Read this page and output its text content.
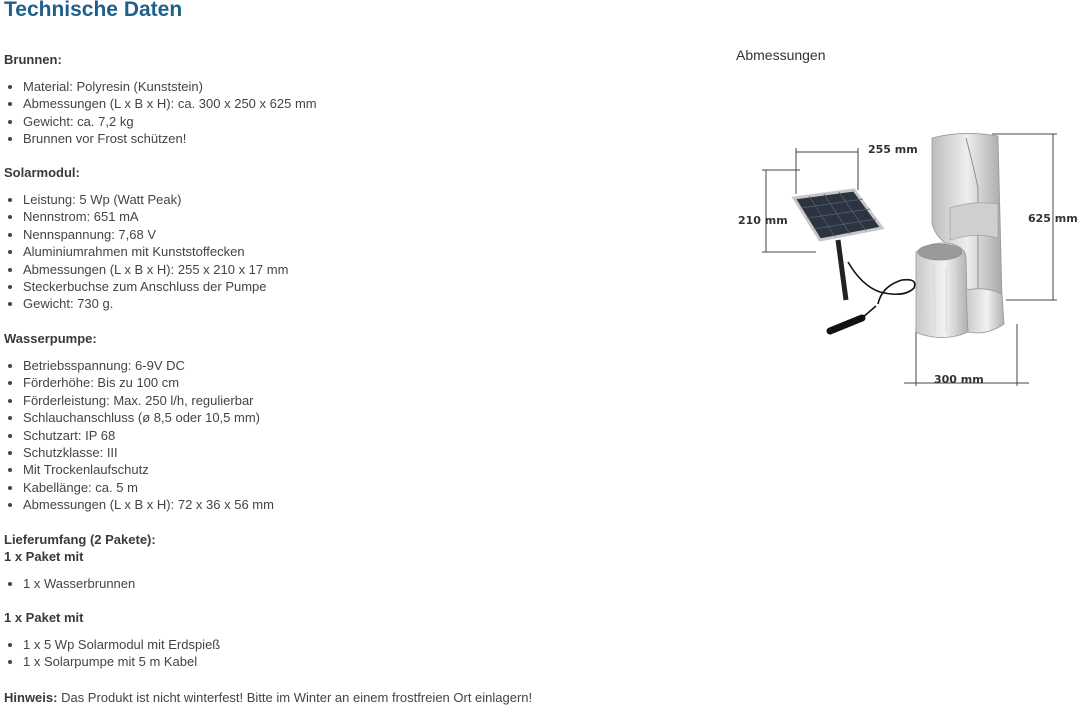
Technische Daten
Brunnen:
• Material: Polyresin (Kunststein)
• Abmessungen (L x B x H): ca. 300 x 250 x 625 mm
• Gewicht: ca. 7,2 kg
• Brunnen vor Frost schützen!
Solarmodul:
• Leistung: 5 Wp (Watt Peak)
• Nennstrom: 651 mA
• Nennspannung: 7,68 V
• Aluminiumrahmen mit Kunststoffecken
• Abmessungen (L x B x H): 255 x 210 x 17 mm
• Steckerbuchse zum Anschluss der Pumpe
• Gewicht: 730 g.
Wasserpumpe:
• Betriebsspannung: 6-9V DC
• Förderhöhe: Bis zu 100 cm
• Förderleistung: Max. 250 l/h, regulierbar
• Schlauchanschluss (ø 8,5 oder 10,5 mm)
• Schutzart: IP 68
• Schutzklasse: III
• Mit Trockenlaufschutz
• Kabellänge: ca. 5 m
• Abmessungen (L x B x H): 72 x 36 x 56 mm
Lieferumfang (2 Pakete):
1 x Paket mit
• 1 x Wasserbrunnen
1 x Paket mit
• 1 x 5 Wp Solarmodul mit Erdspieß
• 1 x Solarpumpe mit 5 m Kabel
Hinweis: Das Produkt ist nicht winterfest! Bitte im Winter an einem frostfreien Ort einlagern!
Abmessungen
255 mm
210 mm	625 mm
300 mm
